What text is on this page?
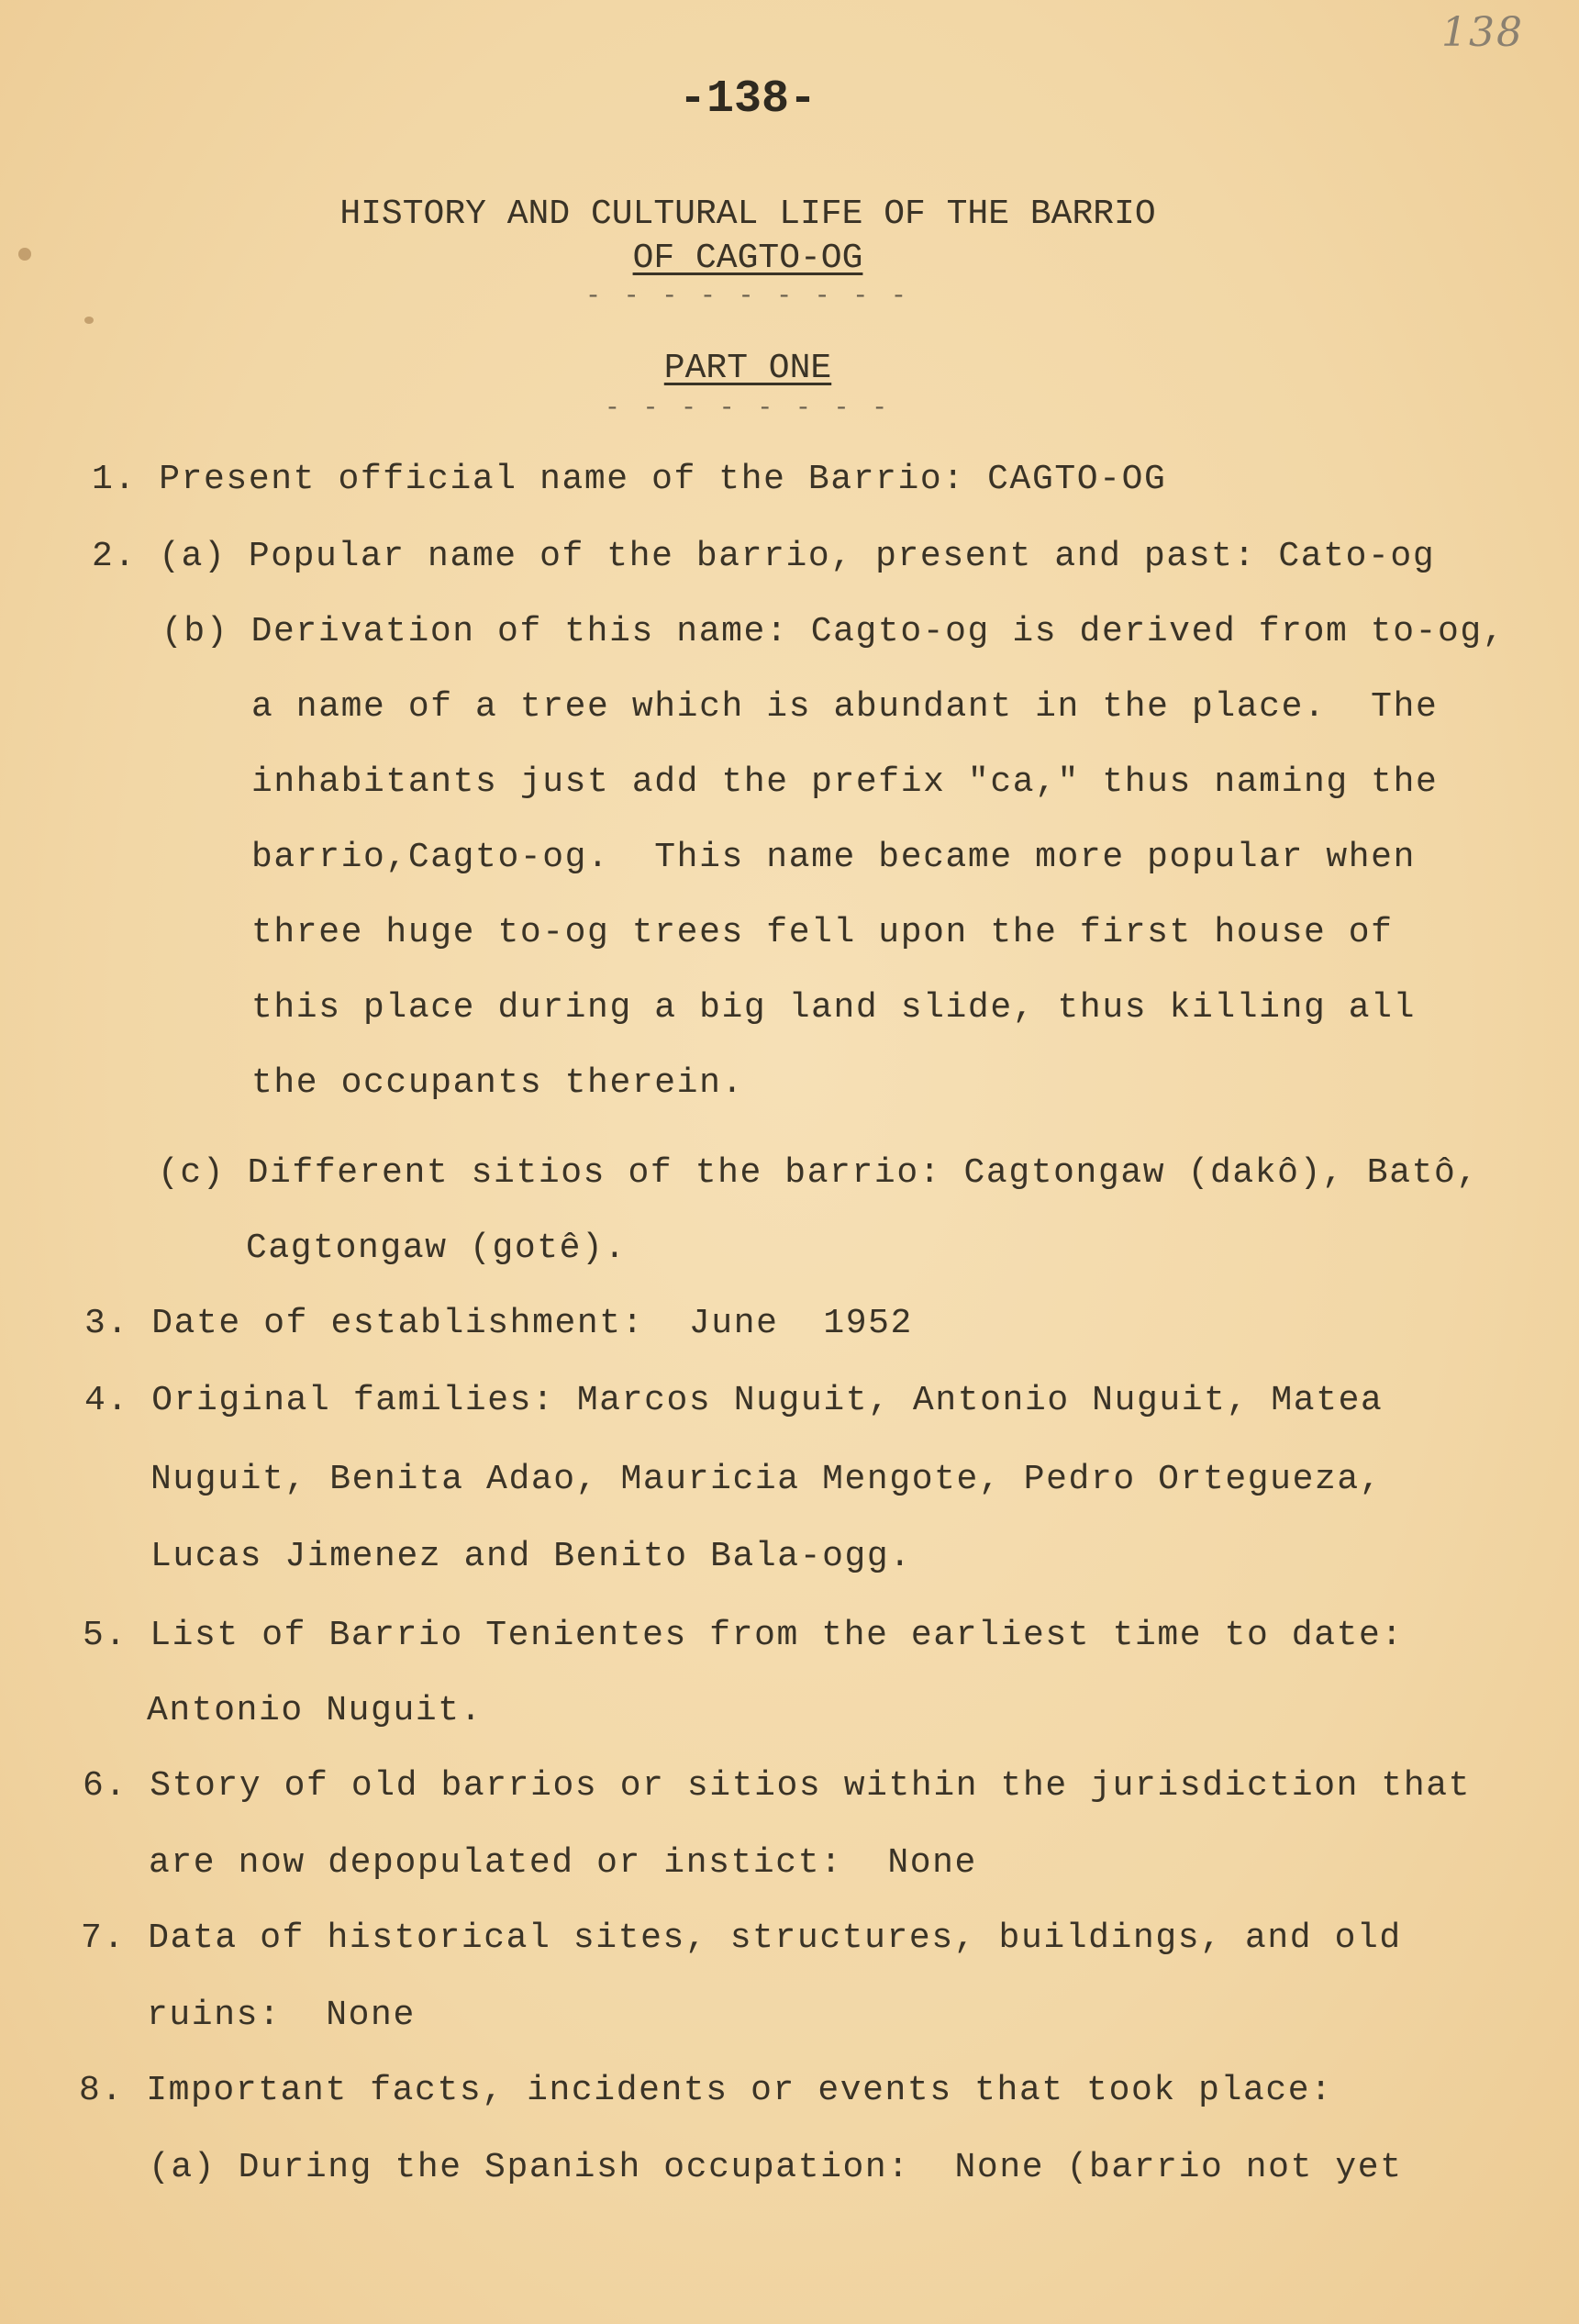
138
-138-
HISTORY AND CULTURAL LIFE OF THE BARRIO
OF CAGTO-OG
- - - - - - - - -
PART ONE
- - - - - - - -
1. Present official name of the Barrio: CAGTO-OG
2. (a) Popular name of the barrio, present and past: Cato-og
(b) Derivation of this name: Cagto-og is derived from to-og,
a name of a tree which is abundant in the place.  The
inhabitants just add the prefix "ca," thus naming the
barrio,Cagto-og.  This name became more popular when
three huge to-og trees fell upon the first house of
this place during a big land slide, thus killing all
the occupants therein.
(c) Different sitios of the barrio: Cagtongaw (dakô), Batô,
Cagtongaw (gotê).
3. Date of establishment:  June  1952
4. Original families: Marcos Nuguit, Antonio Nuguit, Matea
Nuguit, Benita Adao, Mauricia Mengote, Pedro Ortegueza,
Lucas Jimenez and Benito Bala-ogg.
5. List of Barrio Tenientes from the earliest time to date:
Antonio Nuguit.
6. Story of old barrios or sitios within the jurisdiction that
are now depopulated or instict:  None
7. Data of historical sites, structures, buildings, and old
ruins:  None
8. Important facts, incidents or events that took place:
(a) During the Spanish occupation:  None (barrio not yet
